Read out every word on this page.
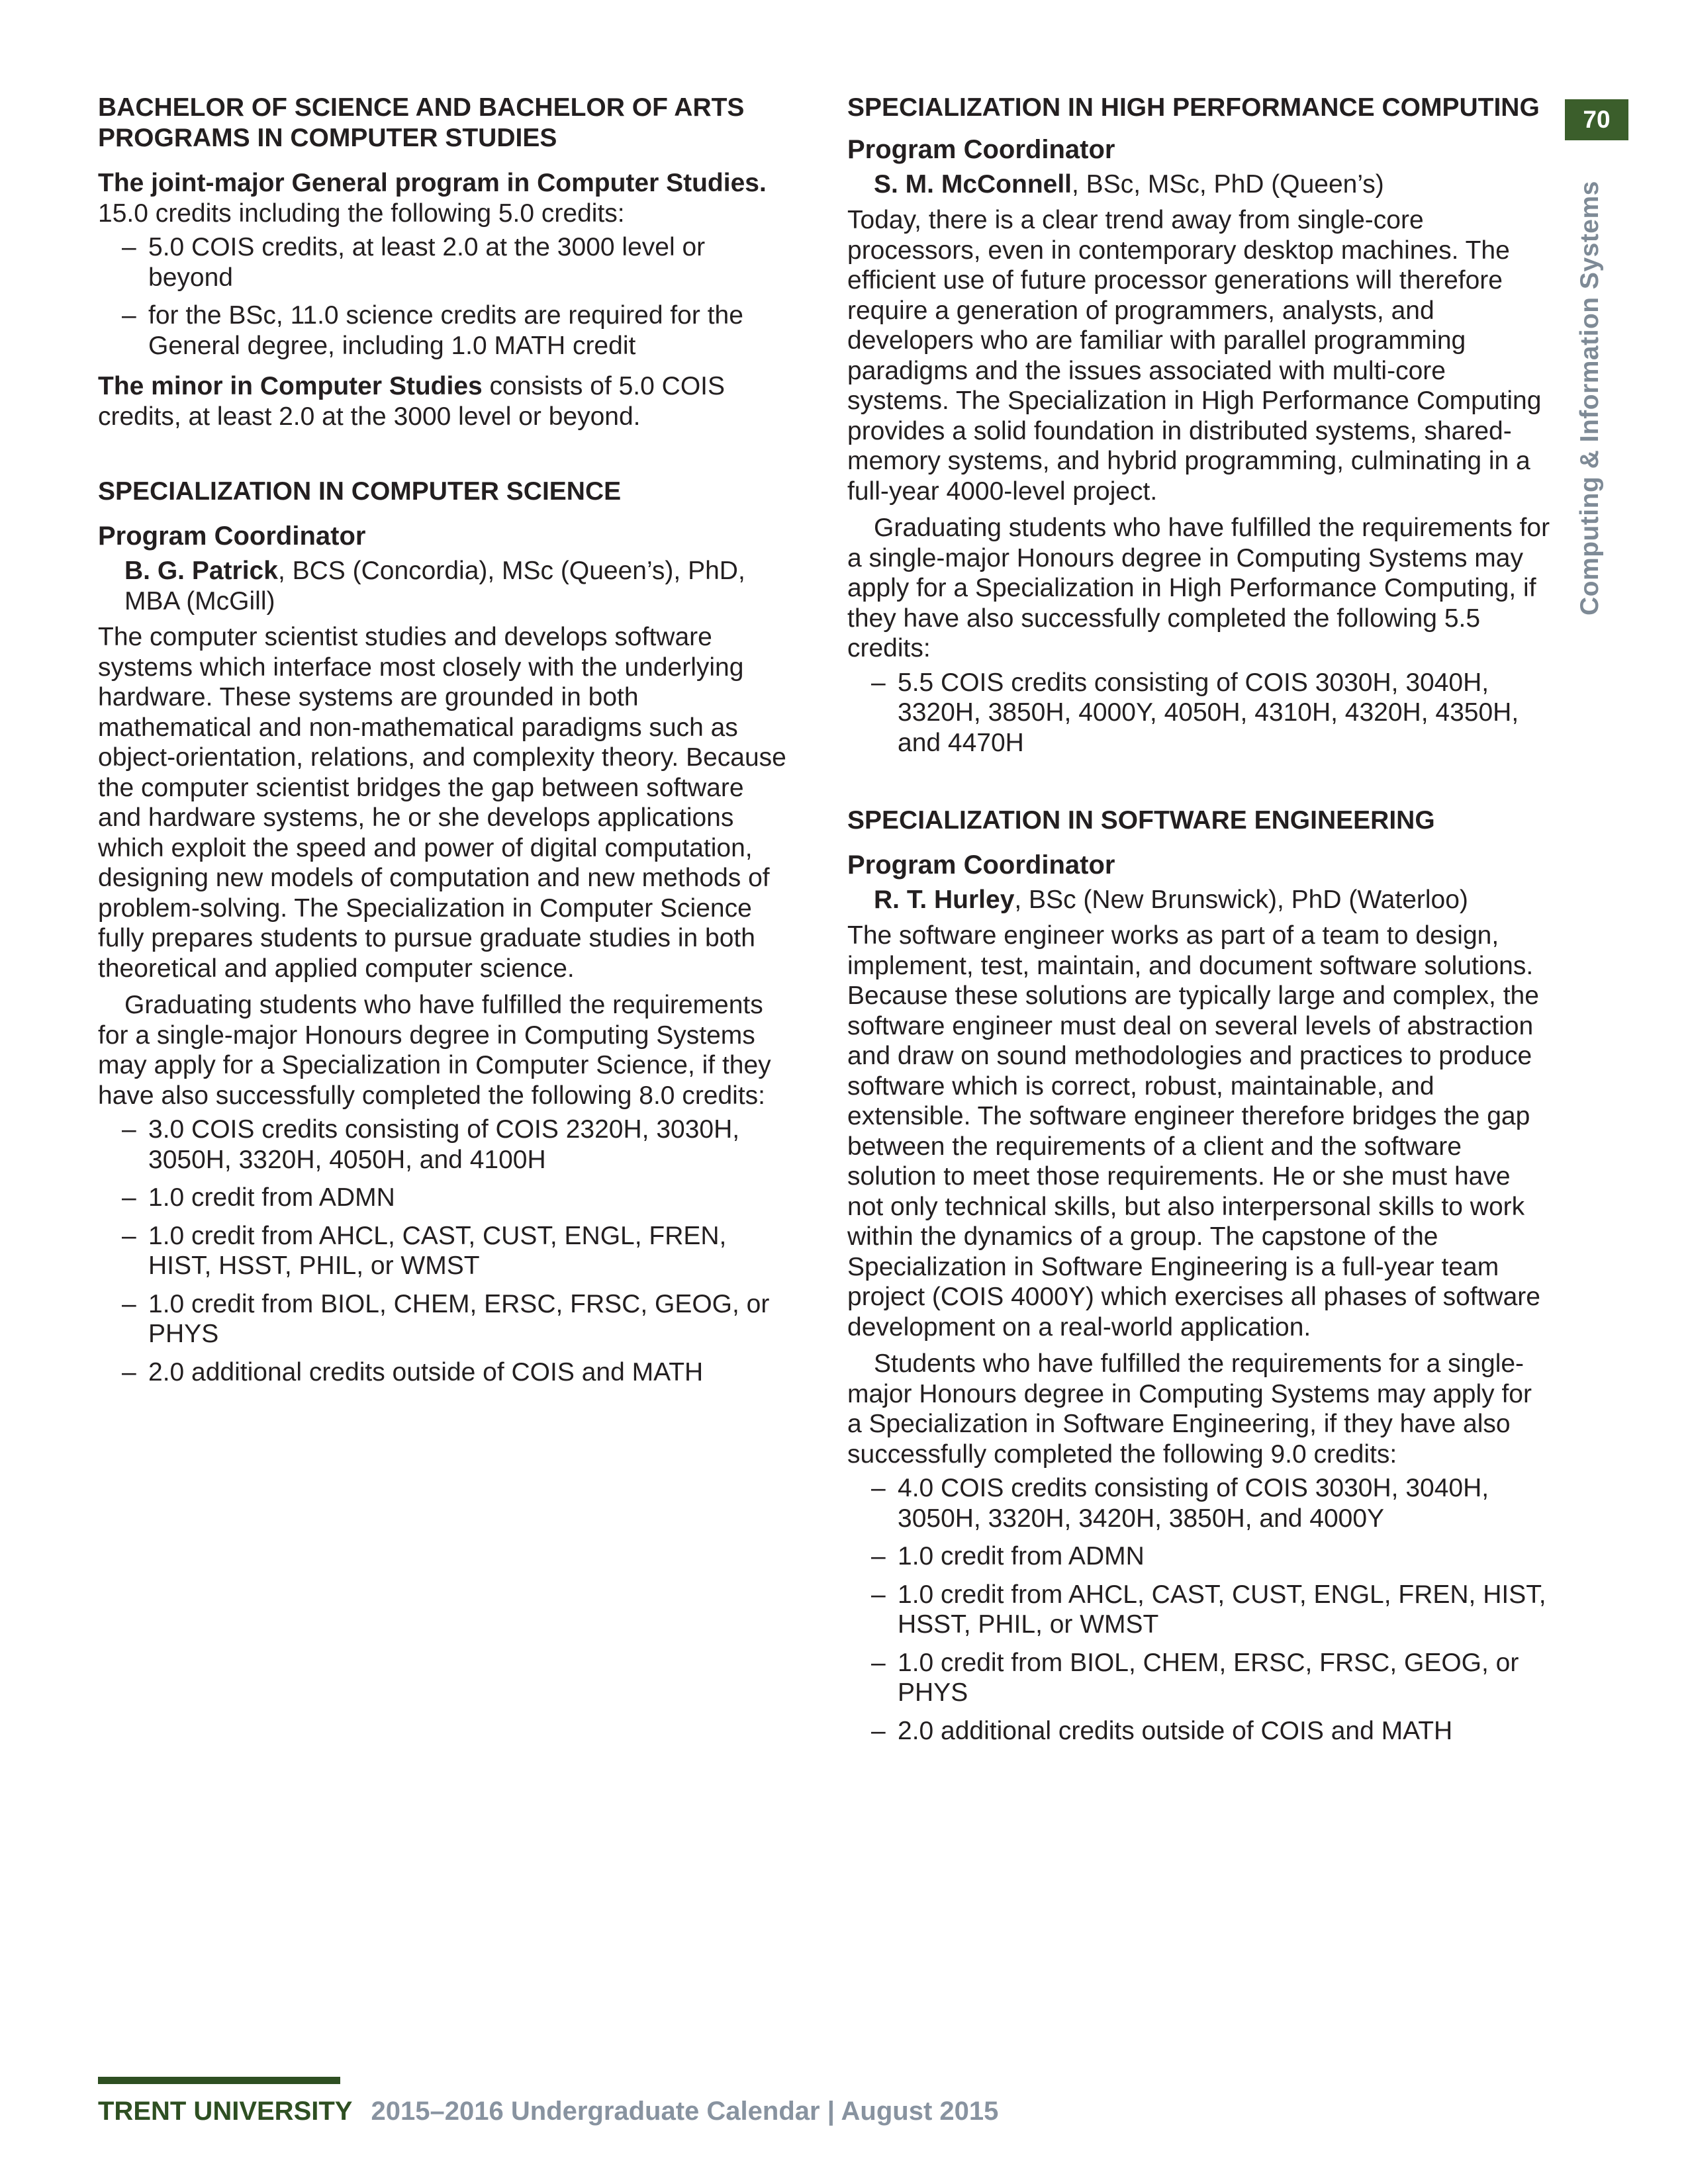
70
Computing & Information Systems
BACHELOR OF SCIENCE AND BACHELOR OF ARTS PROGRAMS IN COMPUTER STUDIES

The joint-major General program in Computer Studies. 15.0 credits including the following 5.0 credits:

– 5.0 COIS credits, at least 2.0 at the 3000 level or beyond
– for the BSc, 11.0 science credits are required for the General degree, including 1.0 MATH credit

The minor in Computer Studies consists of 5.0 COIS credits, at least 2.0 at the 3000 level or beyond.

SPECIALIZATION IN COMPUTER SCIENCE
Program Coordinator
B. G. Patrick, BCS (Concordia), MSc (Queen’s), PhD, MBA (McGill)

The computer scientist studies and develops software systems which interface most closely with the underlying hardware. These systems are grounded in both mathematical and non-mathematical paradigms such as object-orientation, relations, and complexity theory. Because the computer scientist bridges the gap between software and hardware systems, he or she develops applications which exploit the speed and power of digital computation, designing new models of computation and new methods of problem-solving. The Specialization in Computer Science fully prepares students to pursue graduate studies in both theoretical and applied computer science.

Graduating students who have fulfilled the requirements for a single-major Honours degree in Computing Systems may apply for a Specialization in Computer Science, if they have also successfully completed the following 8.0 credits:

– 3.0 COIS credits consisting of COIS 2320H, 3030H, 3050H, 3320H, 4050H, and 4100H
– 1.0 credit from ADMN
– 1.0 credit from AHCL, CAST, CUST, ENGL, FREN, HIST, HSST, PHIL, or WMST
– 1.0 credit from BIOL, CHEM, ERSC, FRSC, GEOG, or PHYS
– 2.0 additional credits outside of COIS and MATH
SPECIALIZATION IN HIGH PERFORMANCE COMPUTING
Program Coordinator
S. M. McConnell, BSc, MSc, PhD (Queen’s)

Today, there is a clear trend away from single-core processors, even in contemporary desktop machines. The efficient use of future processor generations will therefore require a generation of programmers, analysts, and developers who are familiar with parallel programming paradigms and the issues associated with multi-core systems. The Specialization in High Performance Computing provides a solid foundation in distributed systems, shared-memory systems, and hybrid programming, culminating in a full-year 4000-level project.

Graduating students who have fulfilled the requirements for a single-major Honours degree in Computing Systems may apply for a Specialization in High Performance Computing, if they have also successfully completed the following 5.5 credits:

– 5.5 COIS credits consisting of COIS 3030H, 3040H, 3320H, 3850H, 4000Y, 4050H, 4310H, 4320H, 4350H, and 4470H
SPECIALIZATION IN SOFTWARE ENGINEERING
Program Coordinator
R. T. Hurley, BSc (New Brunswick), PhD (Waterloo)

The software engineer works as part of a team to design, implement, test, maintain, and document software solutions. Because these solutions are typically large and complex, the software engineer must deal on several levels of abstraction and draw on sound methodologies and practices to produce software which is correct, robust, maintainable, and extensible. The software engineer therefore bridges the gap between the requirements of a client and the software solution to meet those requirements. He or she must have not only technical skills, but also interpersonal skills to work within the dynamics of a group. The capstone of the Specialization in Software Engineering is a full-year team project (COIS 4000Y) which exercises all phases of software development on a real-world application.

Students who have fulfilled the requirements for a single-major Honours degree in Computing Systems may apply for a Specialization in Software Engineering, if they have also successfully completed the following 9.0 credits:

– 4.0 COIS credits consisting of COIS 3030H, 3040H, 3050H, 3320H, 3420H, 3850H, and 4000Y
– 1.0 credit from ADMN
– 1.0 credit from AHCL, CAST, CUST, ENGL, FREN, HIST, HSST, PHIL, or WMST
– 1.0 credit from BIOL, CHEM, ERSC, FRSC, GEOG, or PHYS
– 2.0 additional credits outside of COIS and MATH
TRENT UNIVERSITY 2015–2016 Undergraduate Calendar | August 2015
